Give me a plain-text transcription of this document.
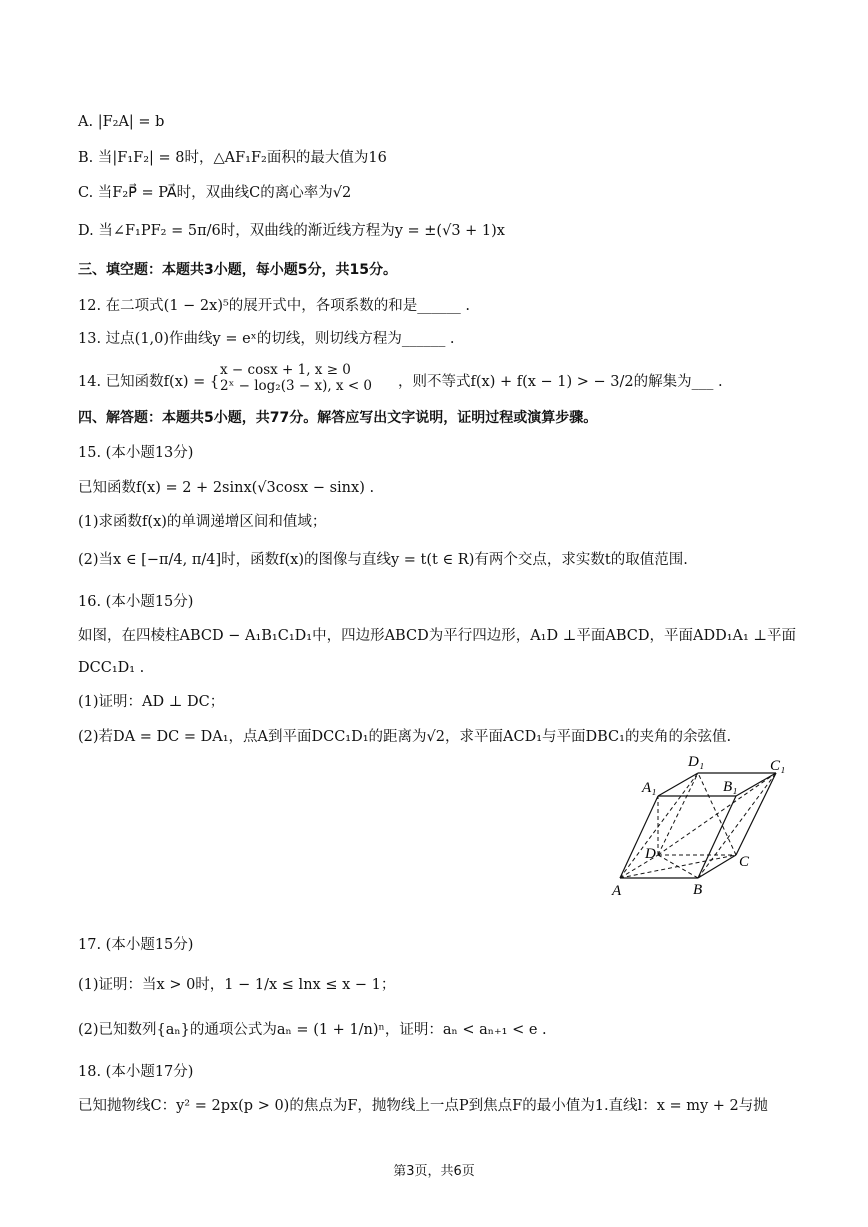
A. |F₂A| = b
B. 当|F₁F₂| = 8时，△AF₁F₂面积的最大值为16
C. 当F₂P⃗ = PA⃗时，双曲线C的离心率为√2
D. 当∠F₁PF₂ = 5π/6时，双曲线的渐近线方程为y = ±(√3 + 1)x
三、填空题：本题共3小题，每小题5分，共15分。
12. 在二项式(1 − 2x)⁵的展开式中，各项系数的和是______ .
13. 过点(1,0)作曲线y = eˣ的切线，则切线方程为______ .
14. 已知函数f(x) = {
x − cosx + 1, x ≥ 0
2ˣ − log₂(3 − x), x < 0 ，则不等式f(x) + f(x − 1) > − 3/2的解集为___ .
四、解答题：本题共5小题，共77分。解答应写出文字说明，证明过程或演算步骤。
15. (本小题13分)
已知函数f(x) = 2 + 2sinx(√3cosx − sinx) .
(1)求函数f(x)的单调递增区间和值域；
(2)当x ∈ [−π/4, π/4]时，函数f(x)的图像与直线y = t(t ∈ R)有两个交点，求实数t的取值范围.
16. (本小题15分)
如图，在四棱柱ABCD − A₁B₁C₁D₁中，四边形ABCD为平行四边形，A₁D ⊥平面ABCD，平面ADD₁A₁ ⊥平面
DCC₁D₁ .
(1)证明：AD ⊥ DC；
(2)若DA = DC = DA₁，点A到平面DCC₁D₁的距离为√2，求平面ACD₁与平面DBC₁的夹角的余弦值.
A₁
D₁
B₁
C₁
D	C
A	B
17. (本小题15分)
(1)证明：当x > 0时，1 − 1/x ≤ lnx ≤ x − 1；
(2)已知数列{aₙ}的通项公式为aₙ = (1 + 1/n)ⁿ，证明：aₙ < aₙ₊₁ < e .
18. (本小题17分)
已知抛物线C：y² = 2px(p > 0)的焦点为F，抛物线上一点P到焦点F的最小值为1.直线l：x = my + 2与抛
第3页，共6页
